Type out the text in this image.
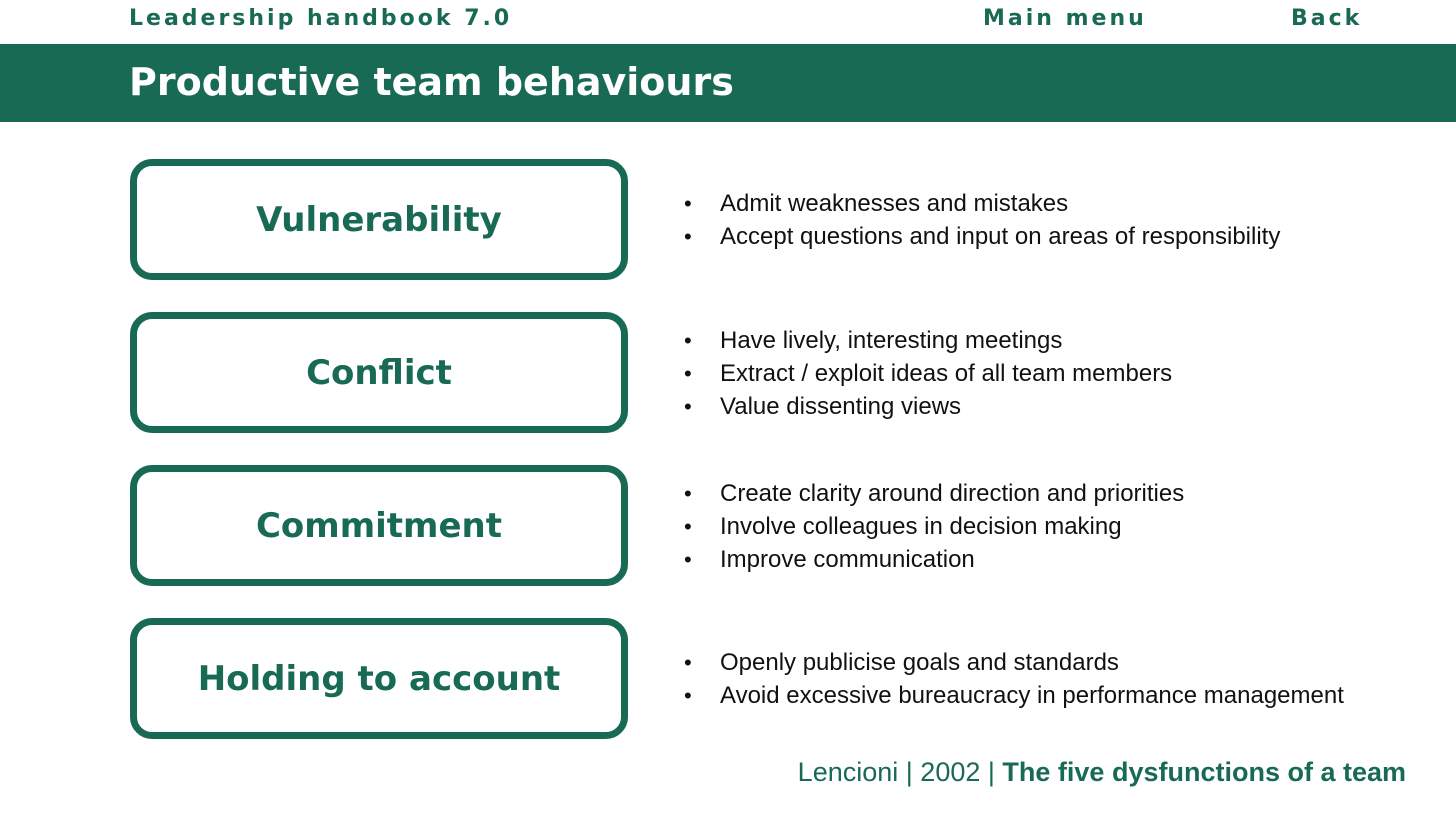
Leadership handbook 7.0	Main menu	Back
Productive team behaviours
Vulnerability	• Admit weaknesses and mistakes
• Accept questions and input on areas of responsibility
Conflict
• Have lively, interesting meetings
• Extract / exploit ideas of all team members
• Value dissenting views
Commitment
• Create clarity around direction and priorities
• Involve colleagues in decision making
• Improve communication
Holding to account	• Openly publicise goals and standards
• Avoid excessive bureaucracy in performance management
Lencioni | 2002 | The five dysfunctions of a team
